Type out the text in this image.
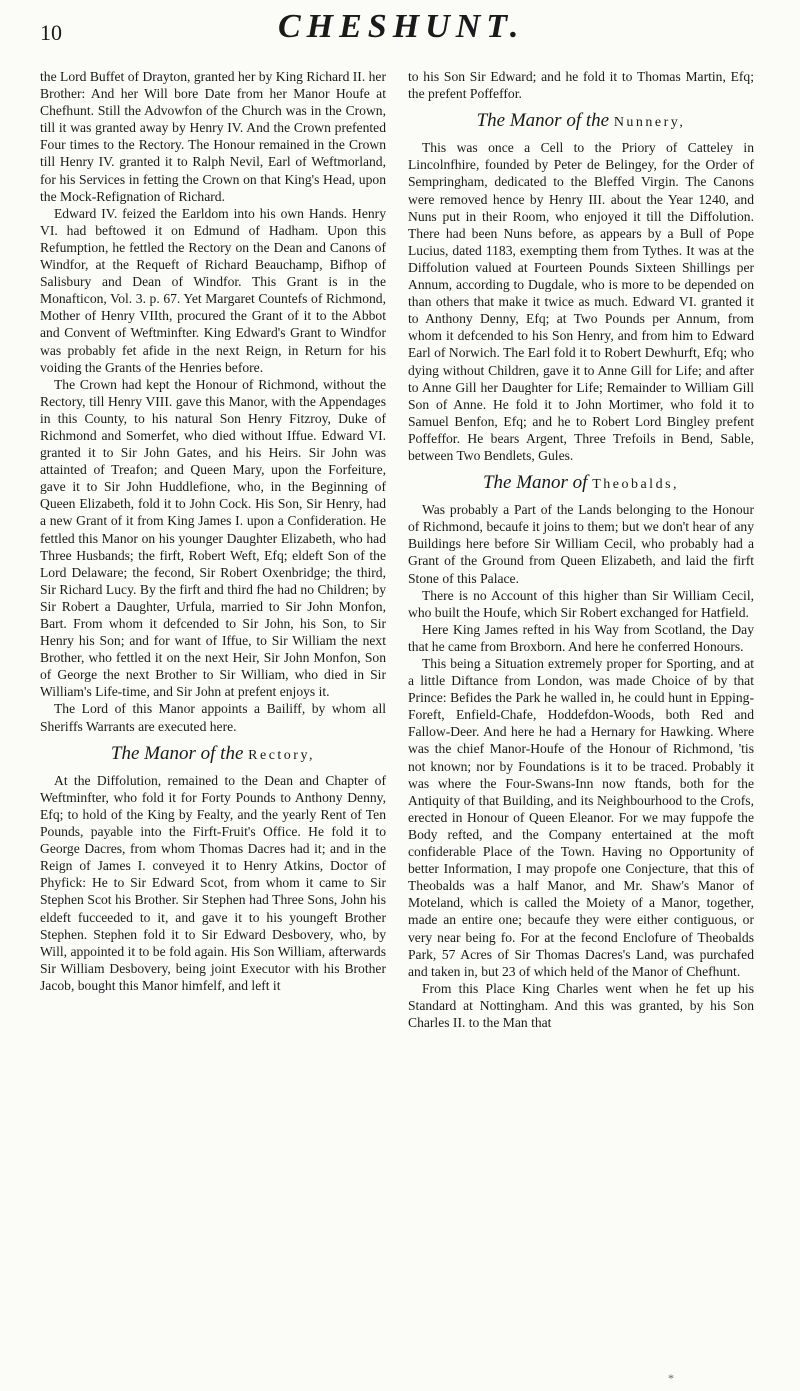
10	CHESHUNT.

the Lord Buffet of Drayton, granted her by King Richard II. her Brother: And her Will bore Date from her Manor Houfe at Chefhunt. Still the Advowfon of the Church was in the Crown, till it was granted away by Henry IV. And the Crown prefented Four times to the Rectory. The Honour remained in the Crown till Henry IV. granted it to Ralph Nevil, Earl of Weftmorland, for his Services in fetting the Crown on that King's Head, upon the Mock-Refignation of Richard.

Edward IV. feized the Earldom into his own Hands. Henry VI. had beftowed it on Edmund of Hadham. Upon this Refumption, he fettled the Rectory on the Dean and Canons of Windfor, at the Requeft of Richard Beauchamp, Bifhop of Salisbury and Dean of Windfor. This Grant is in the Monafticon, Vol. 3. p. 67. Yet Margaret Countefs of Richmond, Mother of Henry VIIth, procured the Grant of it to the Abbot and Convent of Weftminfter. King Edward's Grant to Windfor was probably fet afide in the next Reign, in Return for his voiding the Grants of the Henries before.

The Crown had kept the Honour of Richmond, without the Rectory, till Henry VIII. gave this Manor, with the Appendages in this County, to his natural Son Henry Fitzroy, Duke of Richmond and Somerfet, who died without Iffue. Edward VI. granted it to Sir John Gates, and his Heirs. Sir John was attainted of Treafon; and Queen Mary, upon the Forfeiture, gave it to Sir John Huddlefione, who, in the Beginning of Queen Elizabeth, fold it to John Cock. His Son, Sir Henry, had a new Grant of it from King James I. upon a Confideration. He fettled this Manor on his younger Daughter Elizabeth, who had Three Husbands; the firft, Robert Weft, Efq; eldeft Son of the Lord Delaware; the fecond, Sir Robert Oxenbridge; the third, Sir Richard Lucy. By the firft and third fhe had no Children; by Sir Robert a Daughter, Urfula, married to Sir John Monfon, Bart. From whom it defcended to Sir John, his Son, to Sir Henry his Son; and for want of Iffue, to Sir William the next Brother, who fettled it on the next Heir, Sir John Monfon, Son of George the next Brother to Sir William, who died in Sir William's Life-time, and Sir John at prefent enjoys it.

The Lord of this Manor appoints a Bailiff, by whom all Sheriffs Warrants are executed here.

The Manor of the Rectory,

At the Diffolution, remained to the Dean and Chapter of Weftminfter, who fold it for Forty Pounds to Anthony Denny, Efq; to hold of the King by Fealty, and the yearly Rent of Ten Pounds, payable into the Firft-Fruit's Office. He fold it to George Dacres, from whom Thomas Dacres had it; and in the Reign of James I. conveyed it to Henry Atkins, Doctor of Phyfick: He to Sir Edward Scot, from whom it came to Sir Stephen Scot his Brother. Sir Stephen had Three Sons, John his eldeft fucceeded to it, and gave it to his youngeft Brother Stephen. Stephen fold it to Sir Edward Desbovery, who, by Will, appointed it to be fold again. His Son William, afterwards Sir William Desbovery, being joint Executor with his Brother Jacob, bought this Manor himfelf, and left it

to his Son Sir Edward; and he fold it to Thomas Martin, Efq; the prefent Poffeffor.

The Manor of the Nunnery,

This was once a Cell to the Priory of Catteley in Lincolnfhire, founded by Peter de Belingey, for the Order of Sempringham, dedicated to the Bleffed Virgin. The Canons were removed hence by Henry III. about the Year 1240, and Nuns put in their Room, who enjoyed it till the Diffolution. There had been Nuns before, as appears by a Bull of Pope Lucius, dated 1183, exempting them from Tythes. It was at the Diffolution valued at Fourteen Pounds Sixteen Shillings per Annum, according to Dugdale, who is more to be depended on than others that make it twice as much. Edward VI. granted it to Anthony Denny, Efq; at Two Pounds per Annum, from whom it defcended to his Son Henry, and from him to Edward Earl of Norwich. The Earl fold it to Robert Dewhurft, Efq; who dying without Children, gave it to Anne Gill for Life; and after to Anne Gill her Daughter for Life; Remainder to William Gill Son of Anne. He fold it to John Mortimer, who fold it to Samuel Benfon, Efq; and he to Robert Lord Bingley prefent Poffeffor. He bears Argent, Three Trefoils in Bend, Sable, between Two Bendlets, Gules.

The Manor of Theobalds,

Was probably a Part of the Lands belonging to the Honour of Richmond, becaufe it joins to them; but we don't hear of any Buildings here before Sir William Cecil, who probably had a Grant of the Ground from Queen Elizabeth, and laid the firft Stone of this Palace.

There is no Account of this higher than Sir William Cecil, who built the Houfe, which Sir Robert exchanged for Hatfield.

Here King James refted in his Way from Scotland, the Day that he came from Broxborn. And here he conferred Honours.

This being a Situation extremely proper for Sporting, and at a little Diftance from London, was made Choice of by that Prince: Befides the Park he walled in, he could hunt in Epping-Foreft, Enfield-Chafe, Hoddefdon-Woods, both Red and Fallow-Deer. And here he had a Hernary for Hawking. Where was the chief Manor-Houfe of the Honour of Richmond, 'tis not known; nor by Foundations is it to be traced. Probably it was where the Four-Swans-Inn now ftands, both for the Antiquity of that Building, and its Neighbourhood to the Crofs, erected in Honour of Queen Eleanor. For we may fuppofe the Body refted, and the Company entertained at the moft confiderable Place of the Town. Having no Opportunity of better Information, I may propofe one Conjecture, that this of Theobalds was a half Manor, and Mr. Shaw's Manor of Moteland, which is called the Moiety of a Manor, together, made an entire one; becaufe they were either contiguous, or very near being fo. For at the fecond Enclofure of Theobalds Park, 57 Acres of Sir Thomas Dacres's Land, was purchafed and taken in, but 23 of which held of the Manor of Chefhunt.

From this Place King Charles went when he fet up his Standard at Nottingham. And this was granted, by his Son Charles II. to the Man that

*
